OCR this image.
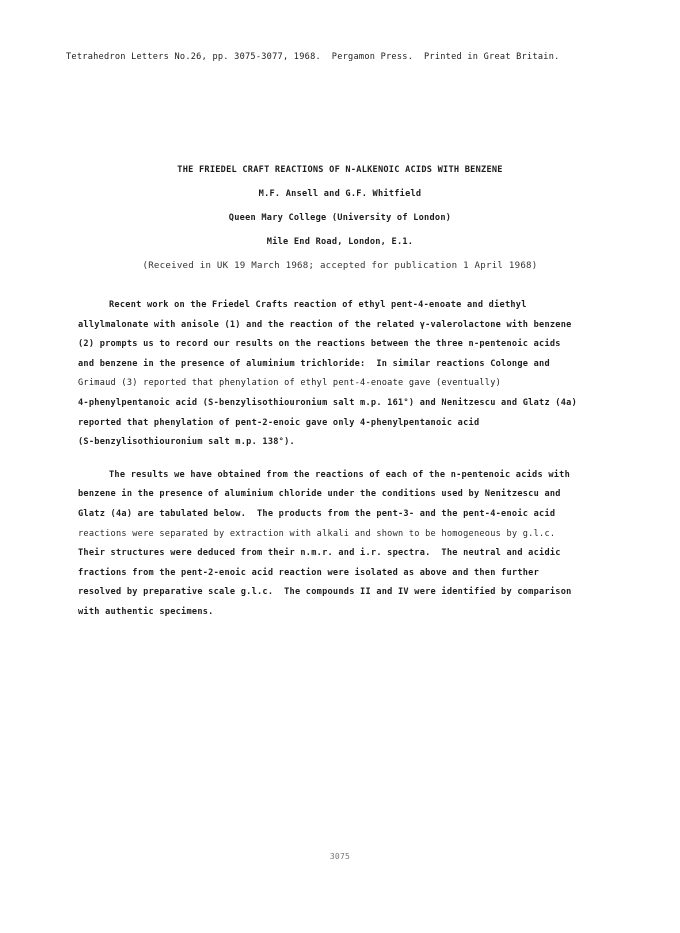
Tetrahedron Letters No.26, pp. 3075-3077, 1968.  Pergamon Press.  Printed in Great Britain.
THE FRIEDEL CRAFT REACTIONS OF N-ALKENOIC ACIDS WITH BENZENE
M.F. Ansell and G.F. Whitfield
Queen Mary College (University of London)
Mile End Road, London, E.1.
(Received in UK 19 March 1968; accepted for publication 1 April 1968)
Recent work on the Friedel Crafts reaction of ethyl pent-4-enoate and diethyl
allylmalonate with anisole (1) and the reaction of the related γ-valerolactone with benzene
(2) prompts us to record our results on the reactions between the three n-pentenoic acids
and benzene in the presence of aluminium trichloride:  In similar reactions Colonge and
Grimaud (3) reported that phenylation of ethyl pent-4-enoate gave (eventually)
4-phenylpentanoic acid (S-benzylisothiouronium salt m.p. 161°) and Nenitzescu and Glatz (4a)
reported that phenylation of pent-2-enoic gave only 4-phenylpentanoic acid
(S-benzylisothiouronium salt m.p. 138°).
The results we have obtained from the reactions of each of the n-pentenoic acids with
benzene in the presence of aluminium chloride under the conditions used by Nenitzescu and
Glatz (4a) are tabulated below.  The products from the pent-3- and the pent-4-enoic acid
reactions were separated by extraction with alkali and shown to be homogeneous by g.l.c.
Their structures were deduced from their n.m.r. and i.r. spectra.  The neutral and acidic
fractions from the pent-2-enoic acid reaction were isolated as above and then further
resolved by preparative scale g.l.c.  The compounds II and IV were identified by comparison
with authentic specimens.
3075
